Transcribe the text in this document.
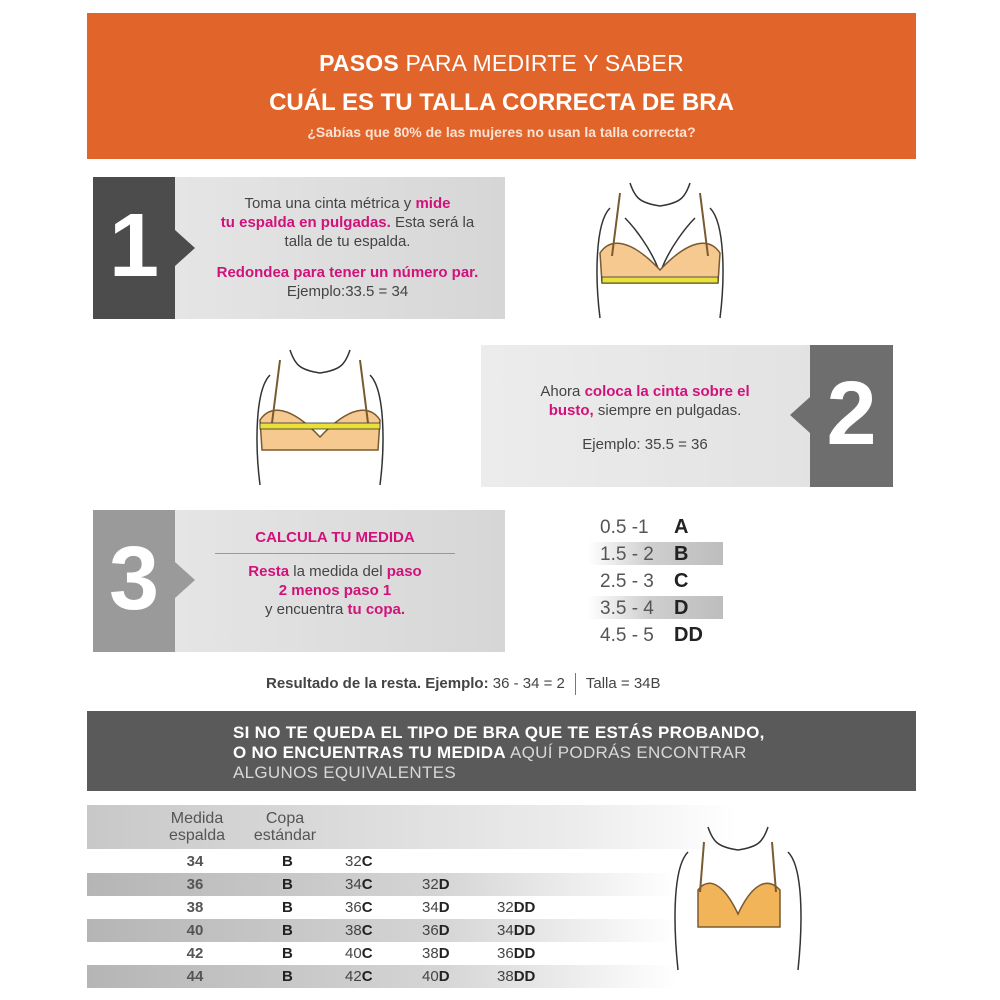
PASOS PARA MEDIRTE Y SABER
CUÁL ES TU TALLA CORRECTA DE BRA
¿Sabías que 80% de las mujeres no usan la talla correcta?
1	Toma una cinta métrica y mide
tu espalda en pulgadas. Esta será la
talla de tu espalda.

Redondea para tener un número par.
Ejemplo:33.5 = 34
2
Ahora coloca la cinta sobre el
busto, siempre en pulgadas.

Ejemplo: 35.5 = 36
3	CALCULA TU MEDIDA
Resta la medida del paso
2 menos paso 1
y encuentra tu copa.
0.5 -1 A
1.5 - 2 B
2.5 - 3 C
3.5 - 4 D
4.5 - 5 DD
Resultado de la resta. Ejemplo: 36 - 34 = 2 Talla = 34B
SI NO TE QUEDA EL TIPO DE BRA QUE TE ESTÁS PROBANDO,
O NO ENCUENTRAS TU MEDIDA AQUÍ PODRÁS ENCONTRAR
ALGUNOS EQUIVALENTES
Medida
espalda
Copa
estándar
34	B	32C
36	B	34C	32D
38	B	36C	34D	32DD
40	B	38C	36D	34DD
42	B	40C	38D	36DD
44	B	42C	40D	38DD
